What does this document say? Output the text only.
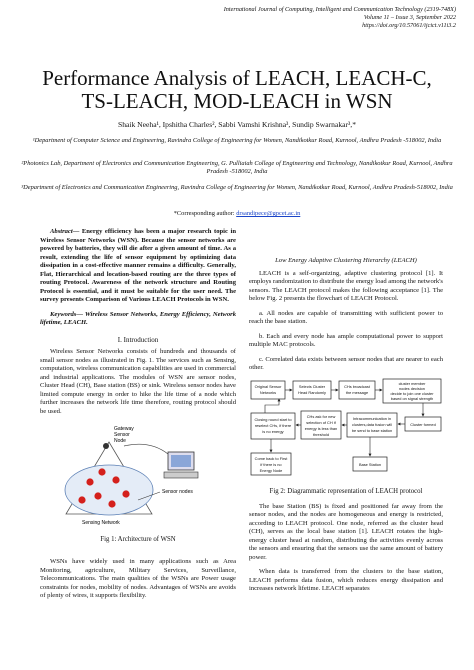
International Journal of Computing, Intelligent and Communication Technology (2319-748X)
Volume 11 – Issue 3, September 2022
https://doi.org/10.57061/ijcict.v11i3.2
Performance Analysis of LEACH, LEACH-C,
TS-LEACH, MOD-LEACH in WSN
Shaik Neeha¹, Ipshitha Charles², Sabbi Vamshi Krishna³, Sundip Swarnakar³,*
¹Department of Computer Science and Engineering, Ravindra College of Engineering for Women, Nandikotkur Road, Kurnool, Andhra Pradesh -518002, India
²Photonics Lab, Department of Electronics and Communication Engineering, G. Pulliaiah College of Engineering and Technology, Nandikotkur Road, Kurnool, Andhra Pradesh -518002, India
³Department of Electronics and Communication Engineering, Ravindra College of Engineering for Women, Nandikotkur Road, Kurnool, Andhra Pradesh-518002, India
*Corresponding author: drsandipece@gpcet.ac.in

Abstract— Energy efficiency has been a major research topic in Wireless Sensor Networks (WSN). Because the sensor networks are powered by batteries, they will die after a given amount of time. As a result, extending the life of sensor equipment by optimizing data dissipation in a cost-effective manner remains a difficulty. Generally, Flat, Hierarchical and location-based routing are the three types of routing Protocol. Awareness of the network structure and Routing Protocol is essential, and it must be suitable for the user need. The survey presents Comparison of Various LEACH Protocols in WSN.

Keywords— Wireless Sensor Networks, Energy Efficiency, Network lifetime, LEACH.

I. Introduction

Wireless Sensor Networks consists of hundreds and thousands of small sensor nodes as illustrated in Fig. 1. The services such as Sensing, computation, wireless communication capabilities are used in commercial and industrial applications. The modules of WSN are sensor nodes, Cluster Head (CH), Base station (BS) or sink. Wireless sensor nodes have limited compute energy in order to hike the life time of a node which further increases the network life time therefore, routing protocol should be used.

Gateway
Sensor
Node
Sensor nodes
Sensing Network

Fig 1: Architecture of WSN

WSNs have widely used in many applications such as Area Monitoring, agriculture, Military Services, Surveillance, Telecommunications. The main qualities of the WSNs are Power usage constraints for nodes, mobility of nodes. Advantages of WSNs are avoids of plenty of wires, it supports flexibility.

Low Energy Adaptive Clustering Hierarchy (LEACH)

LEACH is a self-organizing, adaptive clustering protocol [1]. It employs randomization to distribute the energy load among the network's sensors. The LEACH protocol makes the following acceptance [1]. The below Fig. 2 presents the flowchart of LEACH Protocol.

a. All nodes are capable of transmitting with sufficient power to reach the base station.

b. Each and every node has ample computational power to support multiple MAC protocols.

c. Correlated data exists between sensor nodes that are nearer to each other.

Original Sensor
Networks
Selects Cluster
Head Randomly
CHs broadcast
the message
cluster member
nodes decision
decide to join one cluster
based on signal strength
Closing round start to
reselect CHs, if there
is no energy
CHs ask for new
selection of CH if
energy is less than
threshold
Intracommunication in
clusters,data fusion will
be send to base station
Cluster formed
Come back to First
if there is no
Energy Node
Base Station

Fig 2: Diagrammatic representation of LEACH protocol

The base Station (BS) is fixed and positioned far away from the sensor nodes, and the nodes are homogeneous and energy is restricted, according to LEACH protocol. One node, referred as the cluster head (CH), serves as the local base station [1]. LEACH rotates the high-energy cluster head at random, distributing the activities evenly across the sensors and ensuring that the sensors use the same amount of battery power.

When data is transferred from the clusters to the base station, LEACH performs data fusion, which reduces energy dissipation and increases network lifetime. LEACH separates
